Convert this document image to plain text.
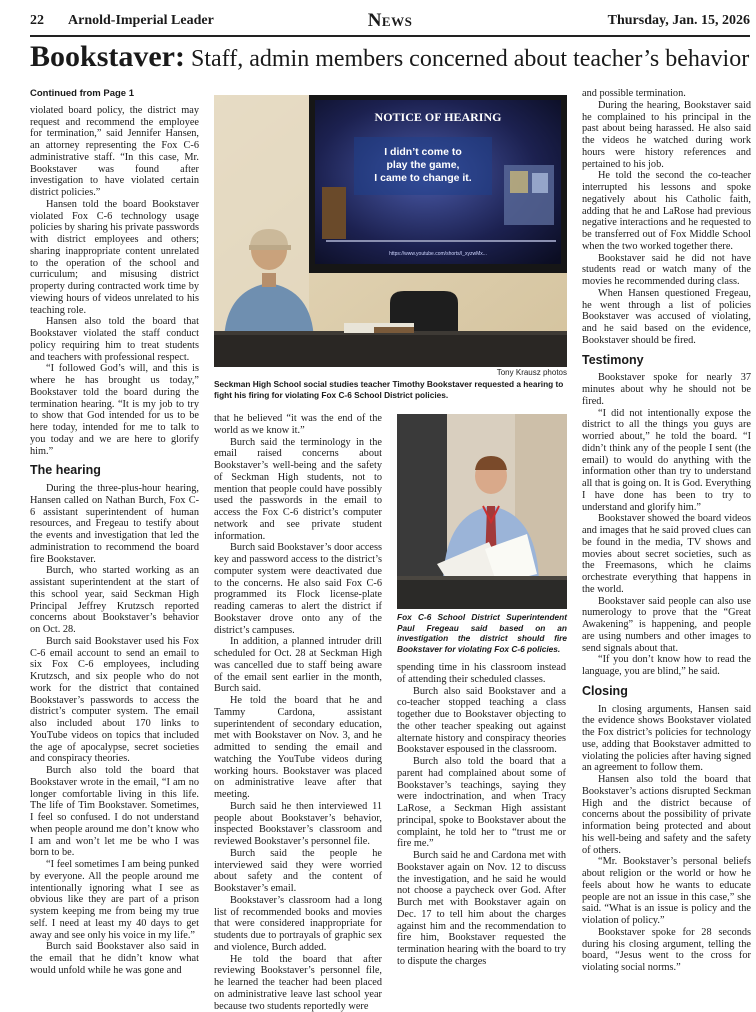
22 Arnold-Imperial Leader	News	Thursday, Jan. 15, 2026
Bookstaver: Staff, admin members concerned about teacher’s behavior

Continued from Page 1

violated board policy, the district may request and recommend the employee for termination,” said Jennifer Hansen, an attorney representing the Fox C-6 administrative staff. “In this case, Mr. Bookstaver was found after investigation to have violated certain district policies.”

Hansen told the board Bookstaver violated Fox C-6 technology usage policies by sharing his private passwords with district employees and others; sharing inappropriate content unrelated to the operation of the school and curriculum; and misusing district property during contracted work time by viewing hours of videos unrelated to his teaching role.

Hansen also told the board that Bookstaver violated the staff conduct policy requiring him to treat students and teachers with professional respect.

“I followed God’s will, and this is where he has brought us today,” Bookstaver told the board during the termination hearing. “It is my job to try to show that God intended for us to be here today, intended for me to talk to you today and we are here to glorify him.”

The hearing

During the three-plus-hour hearing, Hansen called on Nathan Burch, Fox C-6 assistant superintendent of human resources, and Fregeau to testify about the events and investigation that led the administration to recommend the board fire Bookstaver.

Burch, who started working as an assistant superintendent at the start of this school year, said Seckman High Principal Jeffrey Krutzsch reported concerns about Bookstaver’s behavior on Oct. 28.

Burch said Bookstaver used his Fox C-6 email account to send an email to six Fox C-6 employees, including Krutzsch, and six people who do not work for the district that contained Bookstaver’s passwords to access the district’s computer system. The email also included about 170 links to YouTube videos on topics that included the age of apocalypse, secret societies and conspiracy theories.

Burch also told the board that Bookstaver wrote in the email, “I am no longer comfortable living in this life. The life of Tim Bookstaver. Sometimes, I feel so confused. I do not understand when people around me don’t know who I am and won’t let me be who I was born to be.

“I feel sometimes I am being punked by everyone. All the people around me intentionally ignoring what I see as obvious like they are part of a prison system keeping me from being my true self. I need at least my 40 days to get away and see only his voice in my life.”

Burch said Bookstaver also said in the email that he didn’t know what would unfold while he was gone and

NOTICE OF HEARING
I didn’t come to
play the game,
I came to change it.
https://www.youtube.com/shorts/l_xyzwMx...
Tony Krausz photos
Seckman High School social studies teacher Timothy Bookstaver requested a hearing to fight his firing for violating Fox C-6 School District policies.

that he believed “it was the end of the world as we know it.”

Burch said the terminology in the email raised concerns about Bookstaver’s well-being and the safety of Seckman High students, not to mention that people could have possibly used the passwords in the email to access the Fox C-6 district’s computer network and see private student information.

Burch said Bookstaver’s door access key and password access to the district’s computer system were deactivated due to the concerns. He also said Fox C-6 programmed its Flock license-plate reading cameras to alert the district if Bookstaver drove onto any of the district’s campuses.

In addition, a planned intruder drill scheduled for Oct. 28 at Seckman High was cancelled due to staff being aware of the email sent earlier in the month, Burch said.

He told the board that he and Tammy Cardona, assistant superintendent of secondary education, met with Bookstaver on Nov. 3, and he admitted to sending the email and watching the YouTube videos during working hours. Bookstaver was placed on administrative leave after that meeting.

Burch said he then interviewed 11 people about Bookstaver’s behavior, inspected Bookstaver’s classroom and reviewed Bookstaver’s personnel file.

Burch said the people he interviewed said they were worried about safety and the content of Bookstaver’s email.

Bookstaver’s classroom had a long list of recommended books and movies that were considered inappropriate for students due to portrayals of graphic sex and violence, Burch added.

He told the board that after reviewing Bookstaver’s personnel file, he learned the teacher had been placed on administrative leave last school year because two students reportedly were

Fox C-6 School District Superintendent Paul Fregeau said based on an investigation the district should fire Bookstaver for violating Fox C-6 policies.

spending time in his classroom instead of attending their scheduled classes.

Burch also said Bookstaver and a co-teacher stopped teaching a class together due to Bookstaver objecting to the other teacher speaking out against alternate history and conspiracy theories Bookstaver espoused in the classroom.

Burch also told the board that a parent had complained about some of Bookstaver’s teachings, saying they were indoctrination, and when Tracy LaRose, a Seckman High assistant principal, spoke to Bookstaver about the complaint, he told her to “trust me or fire me.”

Burch said he and Cardona met with Bookstaver again on Nov. 12 to discuss the investigation, and he said he would not choose a paycheck over God. After Burch met with Bookstaver again on Dec. 17 to tell him about the charges against him and the recommendation to fire him, Bookstaver requested the termination hearing with the board to try to dispute the charges

and possible termination.

During the hearing, Bookstaver said he complained to his principal in the past about being harassed. He also said the videos he watched during work hours were history references and pertained to his job.

He told the second the co-teacher interrupted his lessons and spoke negatively about his Catholic faith, adding that he and LaRose had previous negative interactions and he requested to be transferred out of Fox Middle School when the two worked together there.

Bookstaver said he did not have students read or watch many of the movies he recommended during class.

When Hansen questioned Fregeau, he went through a list of policies Bookstaver was accused of violating, and he said based on the evidence, Bookstaver should be fired.

Testimony

Bookstaver spoke for nearly 37 minutes about why he should not be fired.

“I did not intentionally expose the district to all the things you guys are worried about,” he told the board. “I didn’t think any of the people I sent (the email) to would do anything with the information other than try to understand all that is going on. It is God. Everything I have done has been to try to understand and glorify him.”

Bookstaver showed the board videos and images that he said proved clues can be found in the media, TV shows and movies about secret societies, such as the Freemasons, which he claims orchestrate everything that happens in the world.

Bookstaver said people can also use numerology to prove that the “Great Awakening” is happening, and people are using numbers and other images to send signals about that.

“If you don’t know how to read the language, you are blind,” he said.

Closing

In closing arguments, Hansen said the evidence shows Bookstaver violated the Fox district’s policies for technology use, adding that Bookstaver admitted to violating the policies after having signed an agreement to follow them.

Hansen also told the board that Bookstaver’s actions disrupted Seckman High and the district because of concerns about the possibility of private information being protected and about his well-being and safety and the safety of others.

“Mr. Bookstaver’s personal beliefs about religion or the world or how he feels about how he wants to educate people are not an issue in this case,” she said. “What is an issue is policy and the violation of policy.”

Bookstaver spoke for 28 seconds during his closing argument, telling the board, “Jesus went to the cross for violating social norms.”
